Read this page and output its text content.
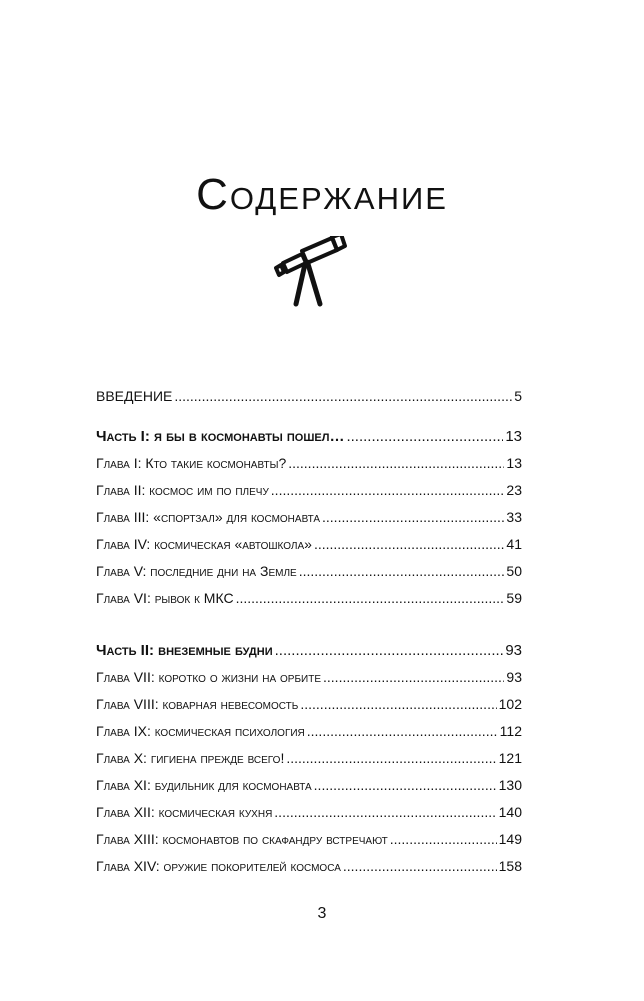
Содержание
ВВЕДЕНИЕ .....	5
Часть I: я бы в космонавты пошел… .....	13
Глава I: Кто такие космонавты? .....	13
Глава II: космос им по плечу .....	23
Глава III: «спортзал» для космонавта .....	33
Глава IV: космическая «автошкола» .....	41
Глава V: последние дни на Земле .....	50
Глава VI: рывок к МКС .....	59
Часть II: внеземные будни .....	93
Глава VII: коротко о жизни на орбите .....	93
Глава VIII: коварная невесомость .....	102
Глава IX: космическая психология .....	112
Глава X: гигиена прежде всего! .....	121
Глава XI: будильник для космонавта .....	130
Глава XII: космическая кухня .....	140
Глава XIII: космонавтов по скафандру встречают .....	149
Глава XIV: оружие покорителей космоса .....	158
3
